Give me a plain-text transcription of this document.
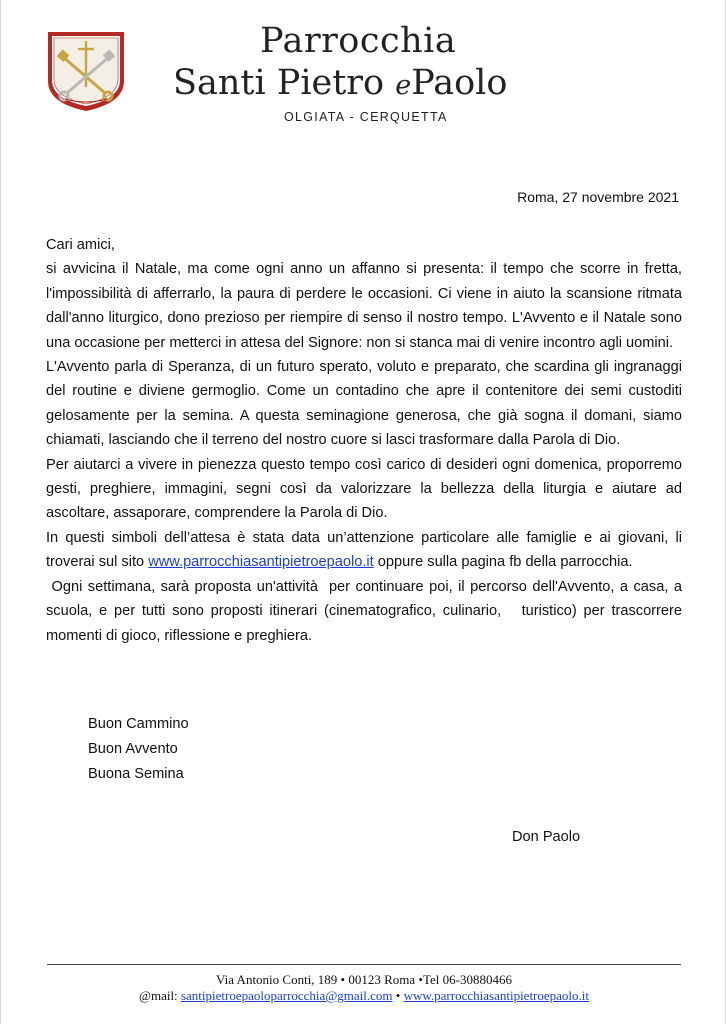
Parrocchia
Santi Pietro ePaolo
OLGIATA - CERQUETTA
Roma, 27 novembre 2021

Cari amici,

si avvicina il Natale, ma come ogni anno un affanno si presenta: il tempo che scorre in fretta, l'impossibilità di afferrarlo, la paura di perdere le occasioni. Ci viene in aiuto la scansione ritmata dall'anno liturgico, dono prezioso per riempire di senso il nostro tempo. L'Avvento e il Natale sono una occasione per metterci in attesa del Signore: non si stanca mai di venire incontro agli uomini.

L'Avvento parla di Speranza, di un futuro sperato, voluto e preparato, che scardina gli ingranaggi del routine e diviene germoglio. Come un contadino che apre il contenitore dei semi custoditi gelosamente per la semina. A questa seminagione generosa, che già sogna il domani, siamo chiamati, lasciando che il terreno del nostro cuore si lasci trasformare dalla Parola di Dio.

Per aiutarci a vivere in pienezza questo tempo così carico di desideri ogni domenica, proporremo gesti, preghiere, immagini, segni così da valorizzare la bellezza della liturgia e aiutare ad ascoltare, assaporare, comprendere la Parola di Dio.

In questi simboli dell’attesa è stata data un’attenzione particolare alle famiglie e ai giovani, li troverai sul sito www.parrocchiasantipietroepaolo.it oppure sulla pagina fb della parrocchia.

Ogni settimana, sarà proposta un'attività  per continuare poi, il percorso dell'Avvento, a casa, a scuola, e per tutti sono proposti itinerari (cinematografico, culinario,   turistico) per trascorrere momenti di gioco, riflessione e preghiera.

Buon Cammino
Buon Avvento
Buona Semina
Don Paolo
Via Antonio Conti, 189 • 00123 Roma •Tel 06-30880466
@mail: santipietroepaoloparrocchia@gmail.com • www.parrocchiasantipietroepaolo.it
